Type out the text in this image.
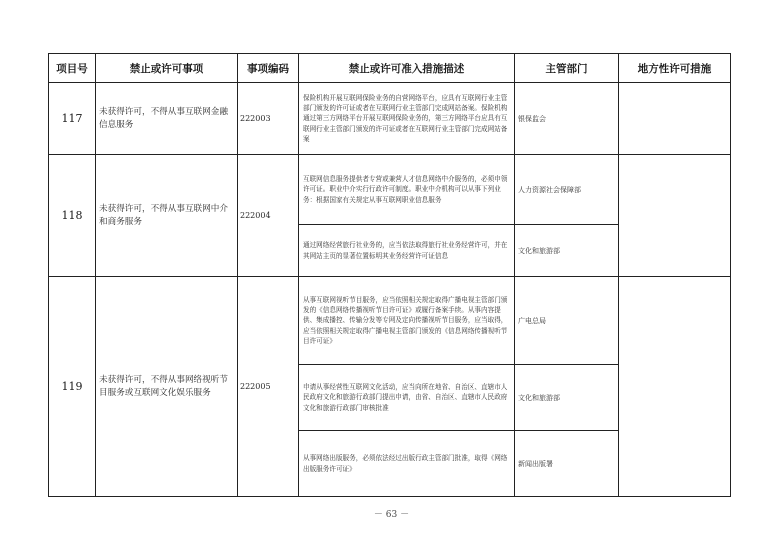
项目号	禁止或许可事项	事项编码	禁止或许可准入措施描述	主管部门	地方性许可措施
117	未获得许可，不得从事互联网金融信息服务	222003	保险机构开展互联网保险业务的自营网络平台，应具有互联网行业主管部门颁发的许可证或者在互联网行业主管部门完成网站备案。保险机构通过第三方网络平台开展互联网保险业务的，第三方网络平台应具有互联网行业主管部门颁发的许可证或者在互联网行业主管部门完成网站备案	银保监会	
118	未获得许可，不得从事互联网中介和商务服务	222004	互联网信息服务提供者专营或兼营人才信息网络中介服务的，必须申领许可证。职业中介实行行政许可制度。职业中介机构可以从事下列业务：根据国家有关规定从事互联网职业信息服务	人力资源社会保障部	
			通过网络经营旅行社业务的，应当依法取得旅行社业务经营许可，并在其网站主页的显著位置标明其业务经营许可证信息	文化和旅游部	
119	未获得许可，不得从事网络视听节目服务或互联网文化娱乐服务	222005	从事互联网视听节目服务，应当依照相关规定取得广播电视主管部门颁发的《信息网络传播视听节目许可证》或履行备案手续。从事内容提供、集成播控、传输分发等专网及定向传播视听节目服务，应当取得，应当依照相关规定取得广播电视主管部门颁发的《信息网络传播视听节目许可证》	广电总局	
			申请从事经营性互联网文化活动，应当向所在地省、自治区、直辖市人民政府文化和旅游行政部门提出申请，由省、自治区、直辖市人民政府文化和旅游行政部门审核批准	文化和旅游部	
			从事网络出版服务，必须依法经过出版行政主管部门批准，取得《网络出版服务许可证》	新闻出版署	
－ 63 －
